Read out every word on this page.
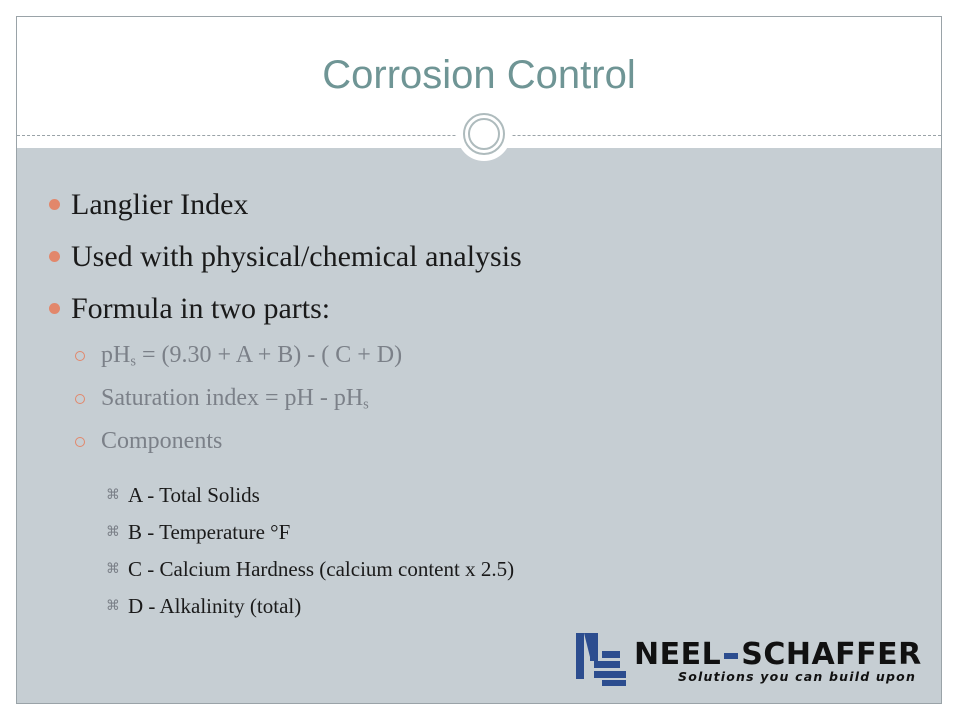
Corrosion Control
Langlier Index
Used with physical/chemical analysis
Formula in two parts:
$pH_s = (9.30 + A + B)$ - ( C + D)
Saturation index = pH - $pH_s$
Components
⌘ A - Total Solids
⌘ B - Temperature °F
⌘ C - Calcium Hardness (calcium content x 2.5)
⌘ D - Alkalinity (total)
NEEL SCHAFFER
Solutions you can build upon
